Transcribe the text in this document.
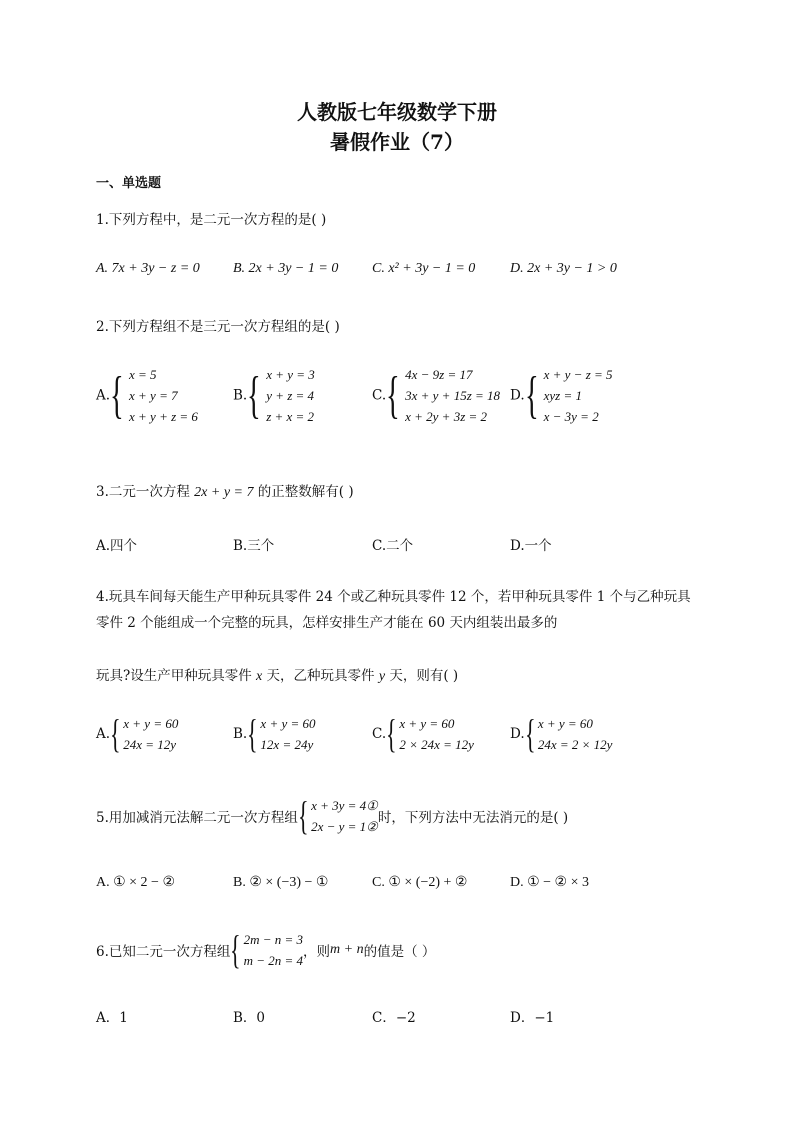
人教版七年级数学下册
暑假作业（7）
一、单选题
1.下列方程中，是二元一次方程的是( )
A. 7x + 3y − z = 0 B. 2x + 3y − 1 = 0 C. x² + 3y − 1 = 0 D. 2x + 3y − 1 > 0
2.下列方程组不是三元一次方程组的是( )
A. { x = 5
x + y = 7
x + y + z = 6
B. { x + y = 3
y + z = 4
z + x = 2
C. { 4x − 9z = 17
3x + y + 15z = 18
x + 2y + 3z = 2
D. { x + y − z = 5
xyz = 1
x − 3y = 2
3.二元一次方程 2x + y = 7 的正整数解有( )
A.四个	B.三个	C.二个	D.一个
4.玩具车间每天能生产甲种玩具零件 24 个或乙种玩具零件 12 个，若甲种玩具零件 1 个与乙种玩具
零件 2 个能组成一个完整的玩具，怎样安排生产才能在 60 天内组装出最多的
玩具?设生产甲种玩具零件 x 天，乙种玩具零件 y 天，则有( )
A. { x + y = 60
24x = 12y
B. { x + y = 60
12x = 24y
C. { x + y = 60
2 × 24x = 12y
D. { x + y = 60
24x = 2 × 12y
5.用加减消元法解二元一次方程组 { x + 3y = 4①
2x − y = 1②
时，下列方法中无法消元的是( )
A. ① × 2 − ②	B. ② × (−3) − ①	C. ① × (−2) + ②	D. ① − ② × 3
6.已知二元一次方程组 { 2m − n = 3
m − 2n = 4
，则m + n的值是（ ）
A．1	B．0	C．−2	D．−1
